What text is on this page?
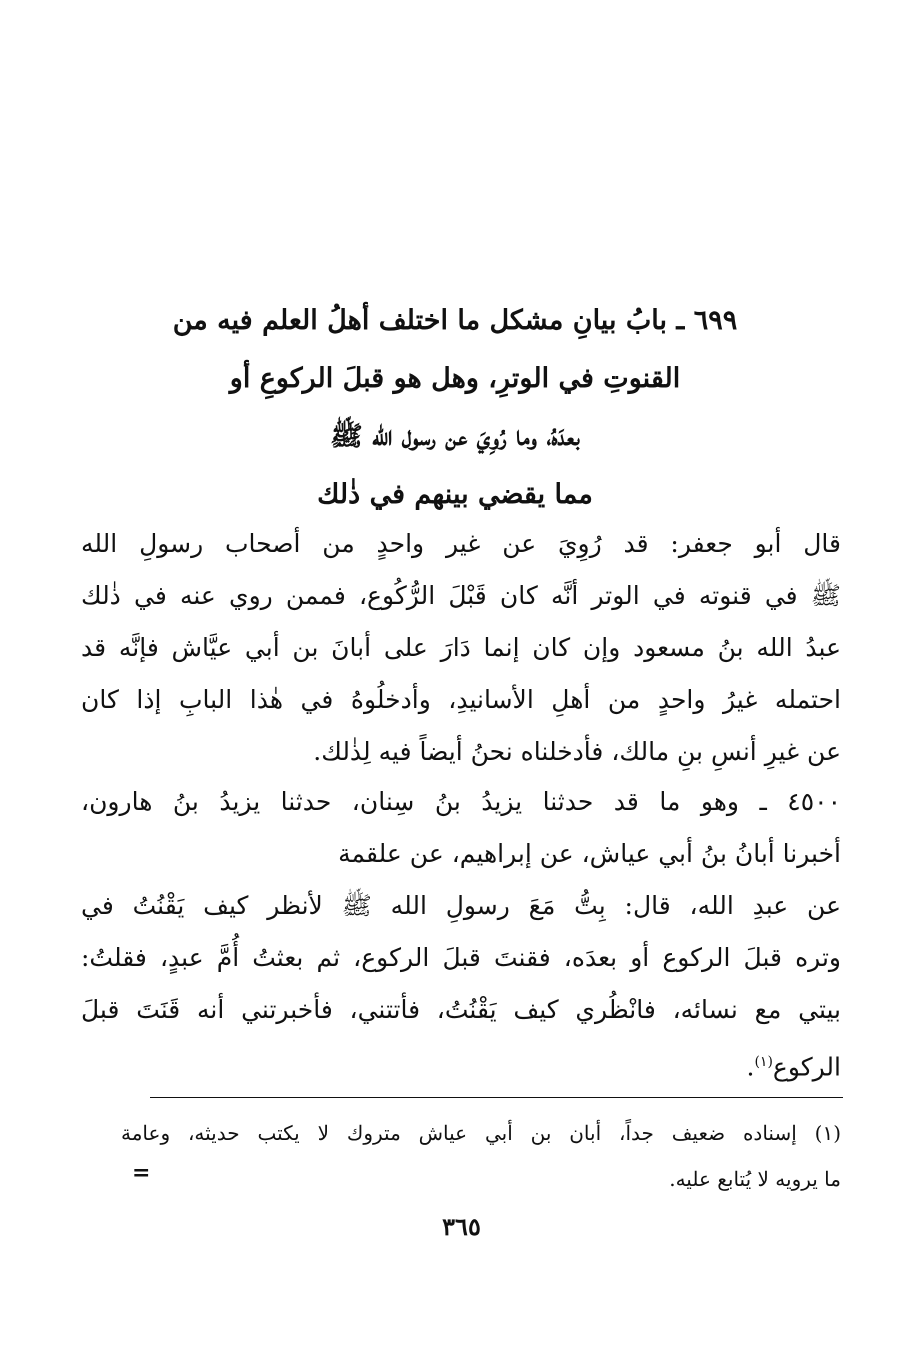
٦٩٩ ـ بابُ بيانِ مشكل ما اختلف أهلُ العلم فيه من
القنوتِ في الوترِ، وهل هو قبلَ الركوعِ أو
بعدَهُ، وما رُوِيَ عن رسول الله ﷺ
مما يقضي بينهم في ذٰلك
قال أبو جعفر: قد رُوِيَ عن غير واحدٍ من أصحاب رسولِ الله
ﷺ في قنوته في الوتر أنَّه كان قَبْلَ الرُّكُوع، فممن روي عنه في ذٰلك
عبدُ الله بنُ مسعود وإن كان إنما دَارَ على أبانَ بن أبي عيَّاش فإنَّه قد
احتمله غيرُ واحدٍ من أهلِ الأسانيدِ، وأدخلُوهُ في هٰذا البابِ إذا كان
عن غيرِ أنسِ بنِ مالك، فأدخلناه نحنُ أيضاً فيه لِذٰلك.
٤٥٠٠ ـ وهو ما قد حدثنا يزيدُ بنُ سِنان، حدثنا يزيدُ بنُ هارون،
أخبرنا أبانُ بنُ أبي عياش، عن إبراهيم، عن علقمة
عن عبدِ الله، قال: بِتُّ مَعَ رسولِ الله ﷺ لأنظر كيف يَقْنُتُ في
وتره قبلَ الركوع أو بعدَه، فقنتَ قبلَ الركوع، ثم بعثتُ أُمَّ عبدٍ، فقلتُ:
بيتي مع نسائه، فانْظُري كيف يَقْنُتُ، فأتتني، فأخبرتني أنه قَنَتَ قبلَ
الركوع$^{(١)}$.
(١) إسناده ضعيف جداً، أبان بن أبي عياش متروك لا يكتب حديثه، وعامة
ما يرويه لا يُتابع عليه.
=
٣٦٥
